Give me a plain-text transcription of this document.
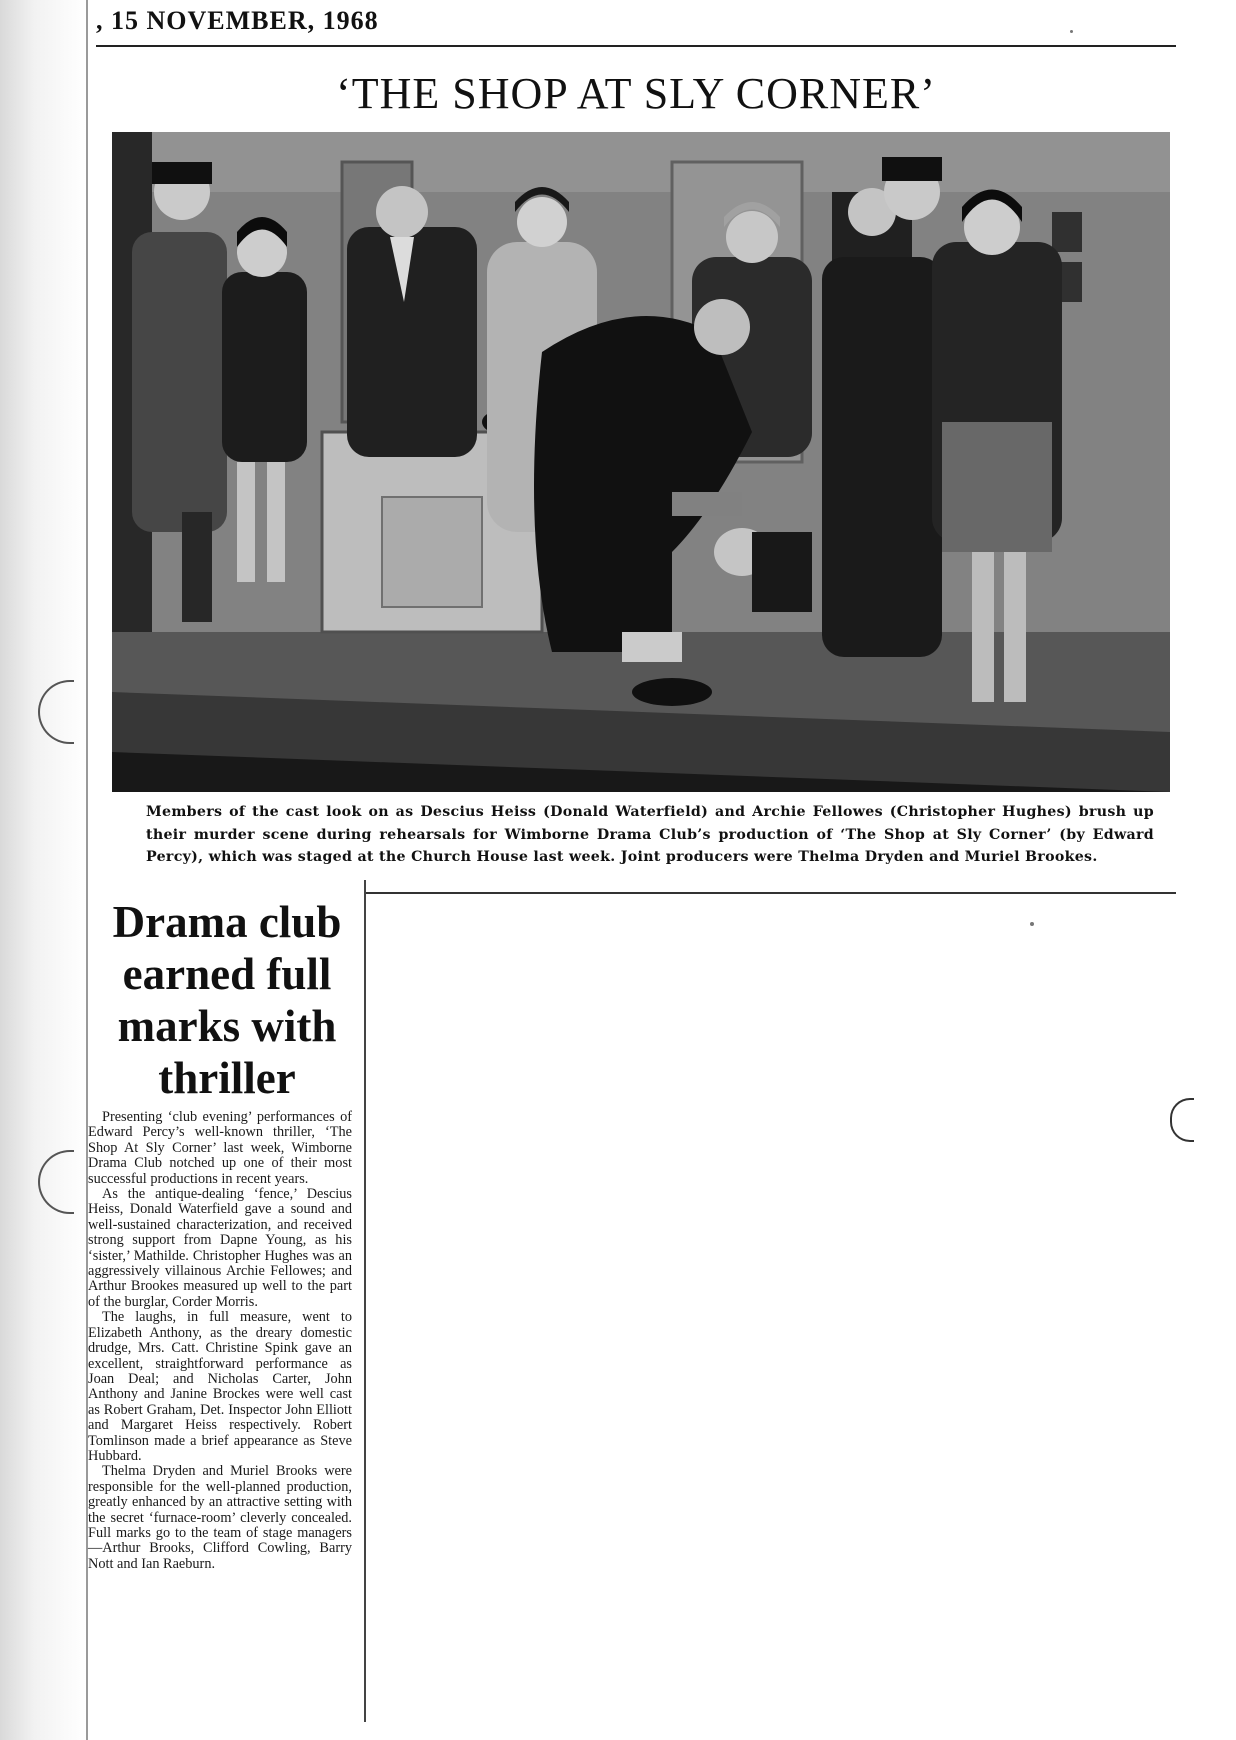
, 15 NOVEMBER, 1968
‘THE SHOP AT SLY CORNER’
Members of the cast look on as Descius Heiss (Donald Waterfield) and Archie Fellowes (Christopher Hughes) brush up their murder scene during rehearsals for Wimborne Drama Club’s production of ‘The Shop at Sly Corner’ (by Edward Percy), which was staged at the Church House last week. Joint producers were Thelma Dryden and Muriel Brookes.
Drama club earned full marks with thriller

Presenting ‘club evening’ performances of Edward Percy’s well-known thriller, ‘The Shop At Sly Corner’ last week, Wimborne Drama Club notched up one of their most successful productions in recent years.

As the antique-dealing ‘fence,’ Descius Heiss, Donald Waterfield gave a sound and well-sustained characterization, and received strong support from Dapne Young, as his ‘sister,’ Mathilde. Christopher Hughes was an aggressively villainous Archie Fellowes; and Arthur Brookes measured up well to the part of the burglar, Corder Morris.

The laughs, in full measure, went to Elizabeth Anthony, as the dreary domestic drudge, Mrs. Catt. Christine Spink gave an excellent, straightforward performance as Joan Deal; and Nicholas Carter, John Anthony and Janine Brockes were well cast as Robert Graham, Det. Inspector John Elliott and Margaret Heiss respectively. Robert Tomlinson made a brief appearance as Steve Hubbard.

Thelma Dryden and Muriel Brooks were responsible for the well-planned production, greatly enhanced by an attractive setting with the secret ‘furnace-room’ cleverly concealed. Full marks go to the team of stage managers—Arthur Brooks, Clifford Cowling, Barry Nott and Ian Raeburn.
